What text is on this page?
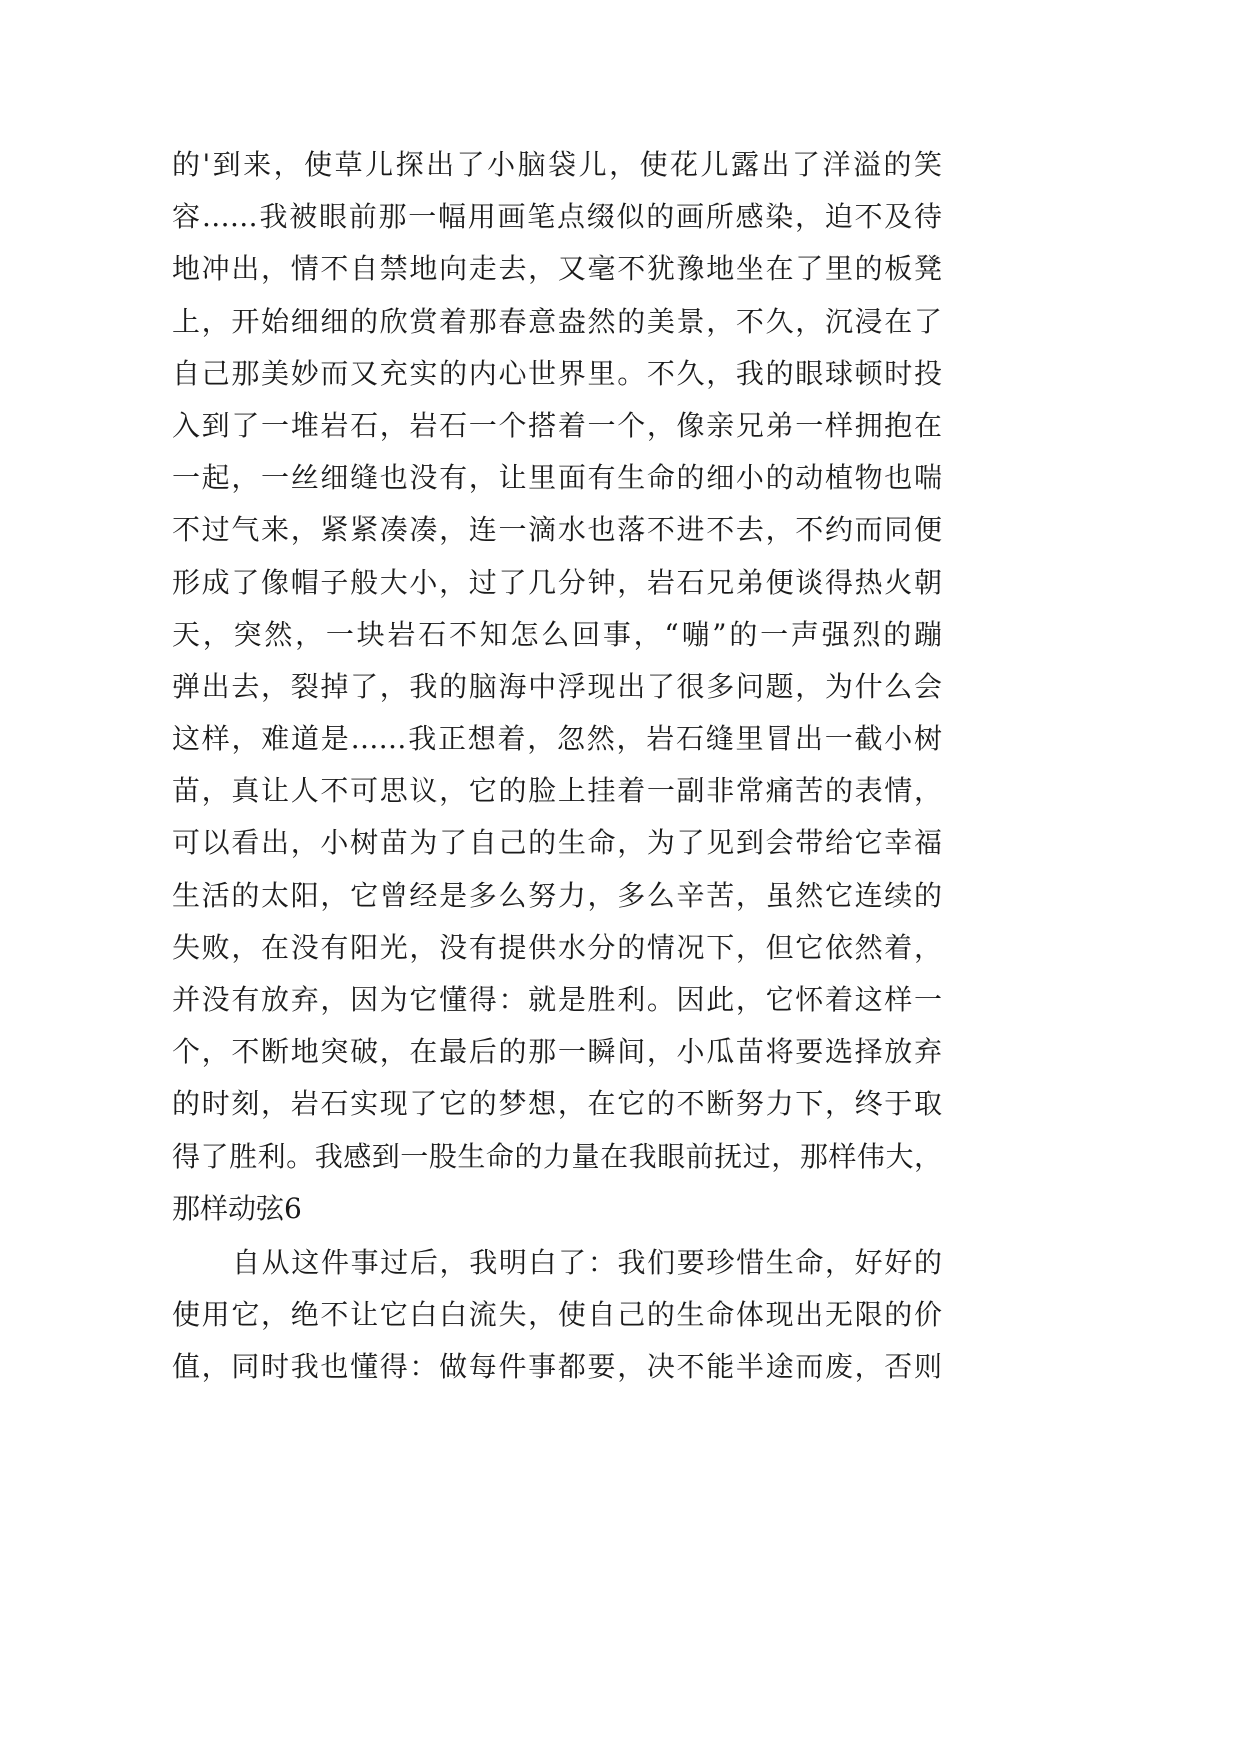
的'到来，使草儿探出了小脑袋儿，使花儿露出了洋溢的笑
容……我被眼前那一幅用画笔点缀似的画所感染，迫不及待
地冲出，情不自禁地向走去，又毫不犹豫地坐在了里的板凳
上，开始细细的欣赏着那春意盎然的美景，不久，沉浸在了
自己那美妙而又充实的内心世界里。不久，我的眼球顿时投
入到了一堆岩石，岩石一个搭着一个，像亲兄弟一样拥抱在
一起，一丝细缝也没有，让里面有生命的细小的动植物也喘
不过气来，紧紧凑凑，连一滴水也落不进不去，不约而同便
形成了像帽子般大小，过了几分钟，岩石兄弟便谈得热火朝
天，突然，一块岩石不知怎么回事，“嘣”的一声强烈的蹦
弹出去，裂掉了，我的脑海中浮现出了很多问题，为什么会
这样，难道是……我正想着，忽然，岩石缝里冒出一截小树
苗，真让人不可思议，它的脸上挂着一副非常痛苦的表情，
可以看出，小树苗为了自己的生命，为了见到会带给它幸福
生活的太阳，它曾经是多么努力，多么辛苦，虽然它连续的
失败，在没有阳光，没有提供水分的情况下，但它依然着，
并没有放弃，因为它懂得：就是胜利。因此，它怀着这样一
个，不断地突破，在最后的那一瞬间，小瓜苗将要选择放弃
的时刻，岩石实现了它的梦想，在它的不断努力下，终于取
得了胜利。我感到一股生命的力量在我眼前抚过，那样伟大，
那样动弦6
自从这件事过后，我明白了：我们要珍惜生命，好好的
使用它，绝不让它白白流失，使自己的生命体现出无限的价
值，同时我也懂得：做每件事都要，决不能半途而废，否则
